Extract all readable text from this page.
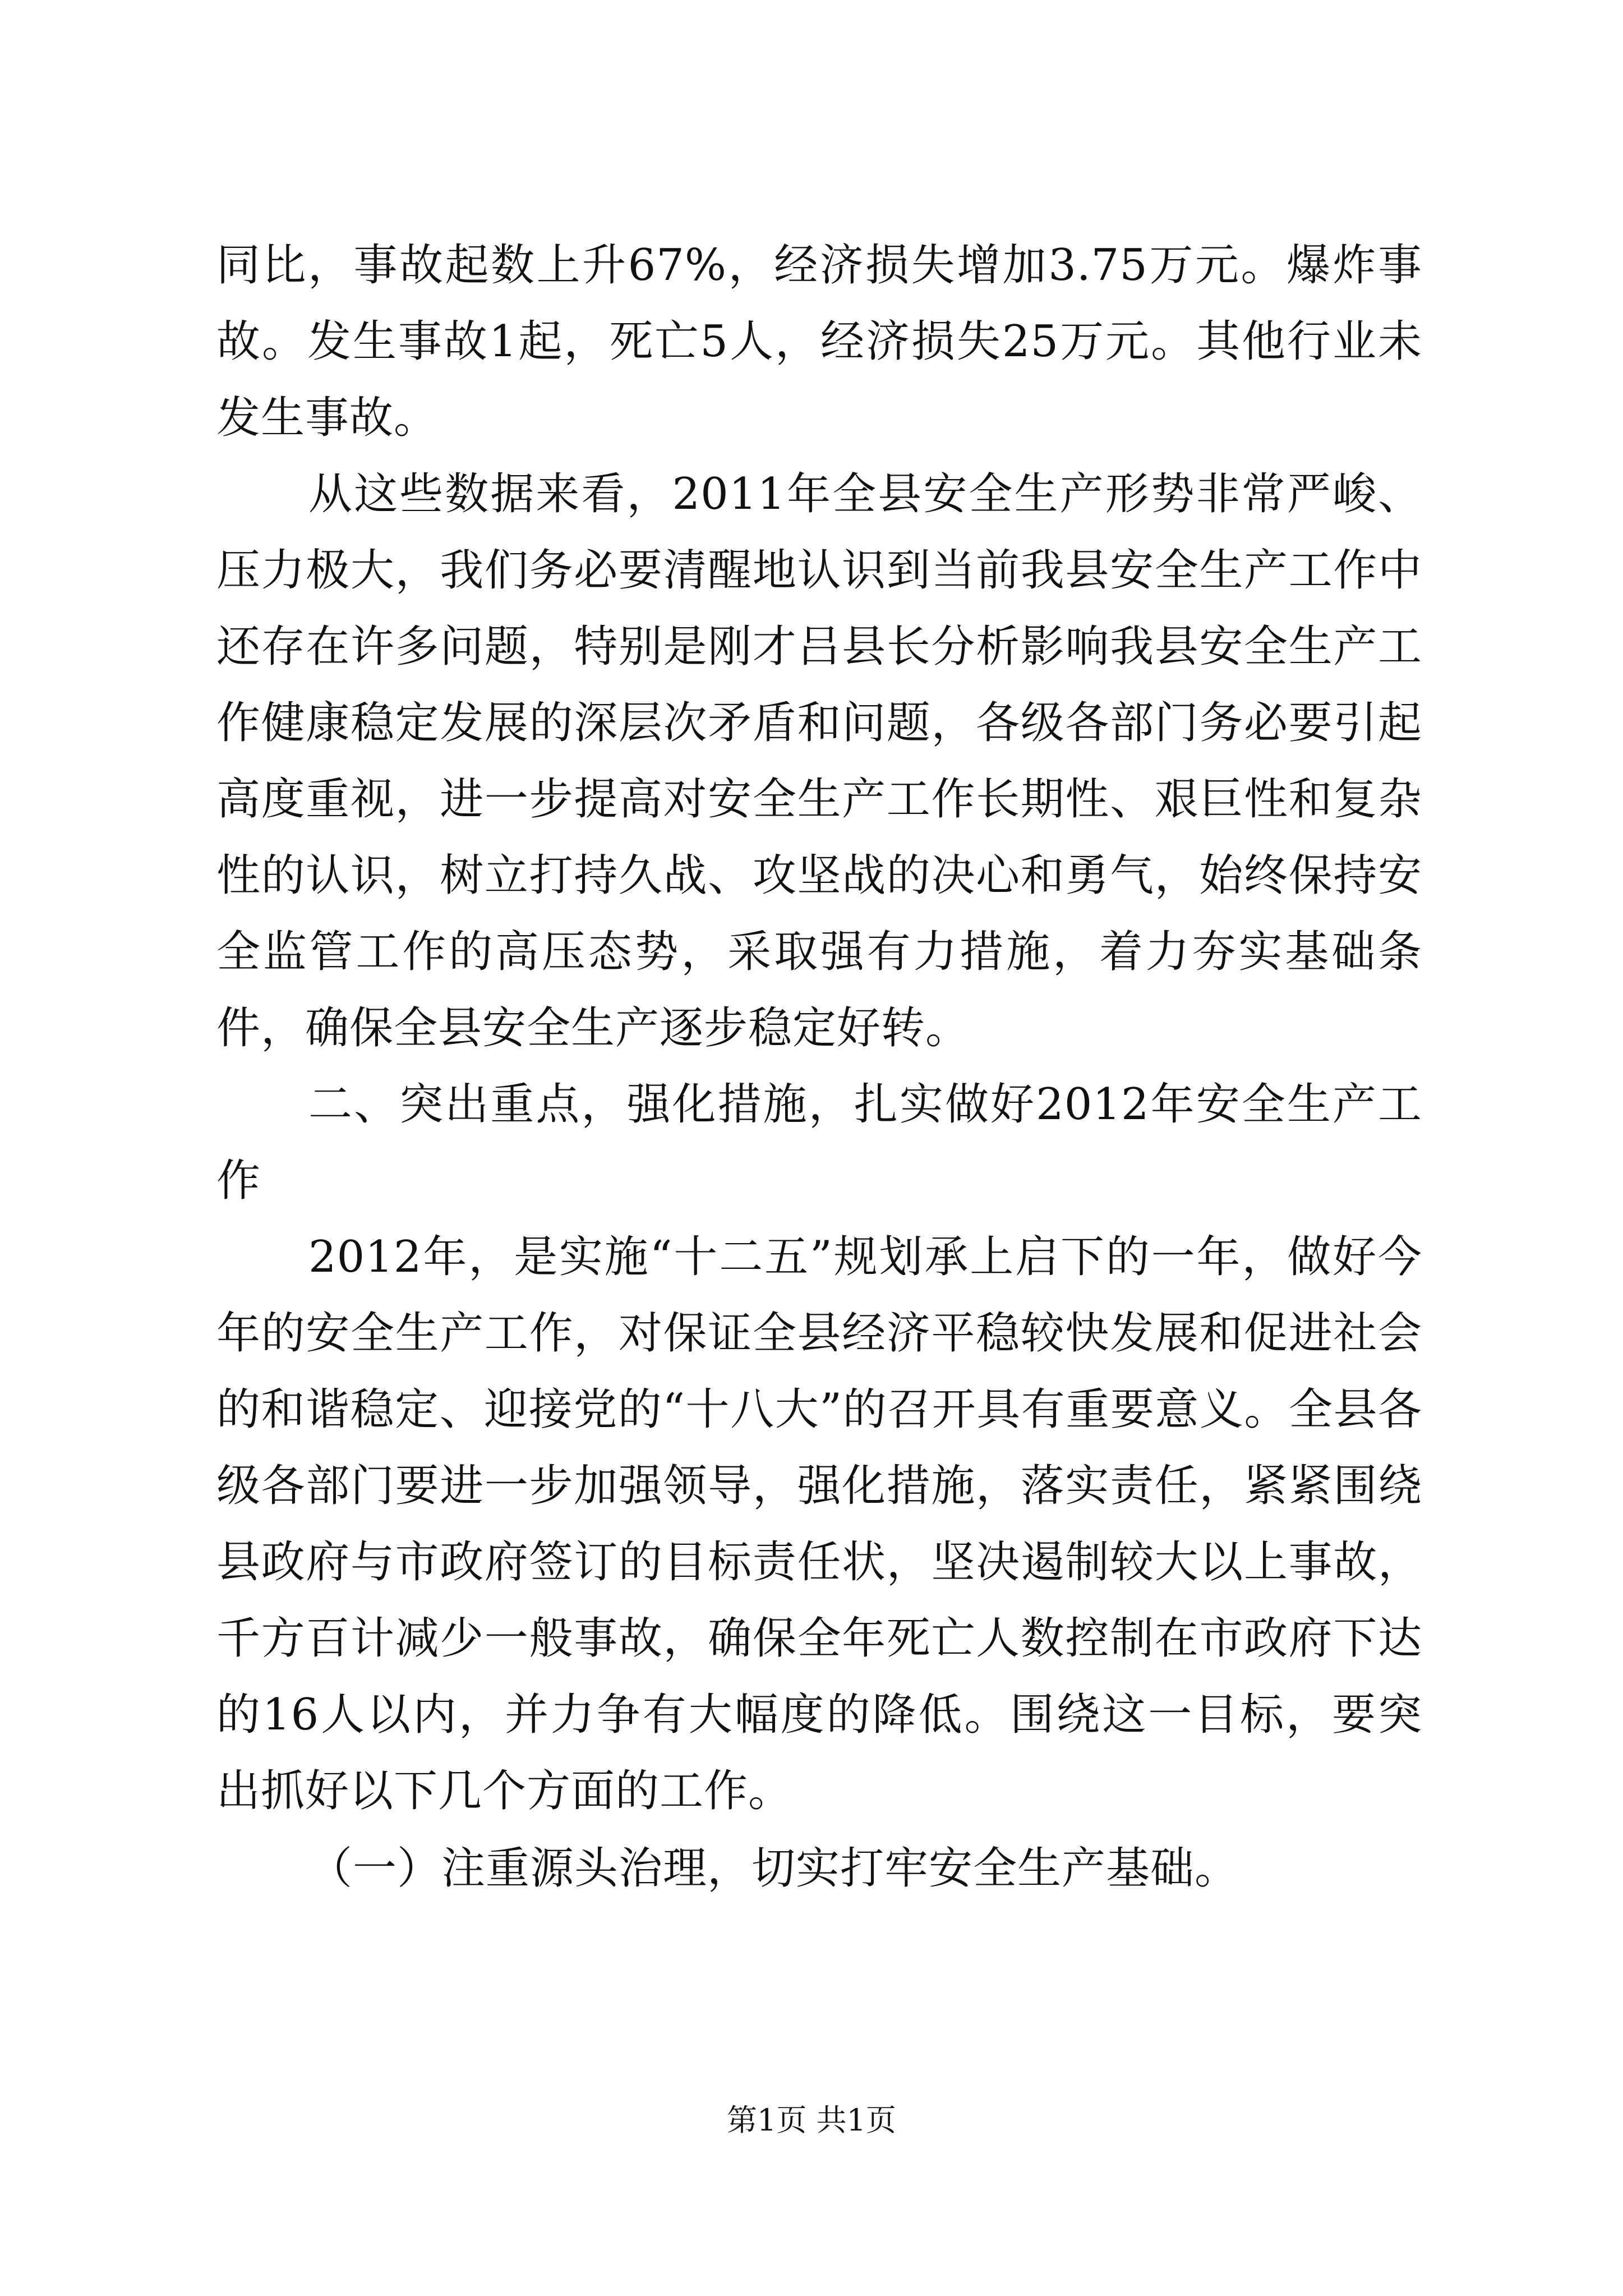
同比，事故起数上升67%，经济损失增加3.75万元。爆炸事故。发生事故1起，死亡5人，经济损失25万元。其他行业未发生事故。

从这些数据来看，2011年全县安全生产形势非常严峻、压力极大，我们务必要清醒地认识到当前我县安全生产工作中还存在许多问题，特别是刚才吕县长分析影响我县安全生产工作健康稳定发展的深层次矛盾和问题，各级各部门务必要引起高度重视，进一步提高对安全生产工作长期性、艰巨性和复杂性的认识，树立打持久战、攻坚战的决心和勇气，始终保持安全监管工作的高压态势，采取强有力措施，着力夯实基础条件，确保全县安全生产逐步稳定好转。

二、突出重点，强化措施，扎实做好2012年安全生产工作

2012年，是实施“十二五”规划承上启下的一年，做好今年的安全生产工作，对保证全县经济平稳较快发展和促进社会的和谐稳定、迎接党的“十八大”的召开具有重要意义。全县各级各部门要进一步加强领导，强化措施，落实责任，紧紧围绕县政府与市政府签订的目标责任状，坚决遏制较大以上事故，千方百计减少一般事故，确保全年死亡人数控制在市政府下达的16人以内，并力争有大幅度的降低。围绕这一目标，要突出抓好以下几个方面的工作。

（一）注重源头治理，切实打牢安全生产基础。

第1页 共1页
